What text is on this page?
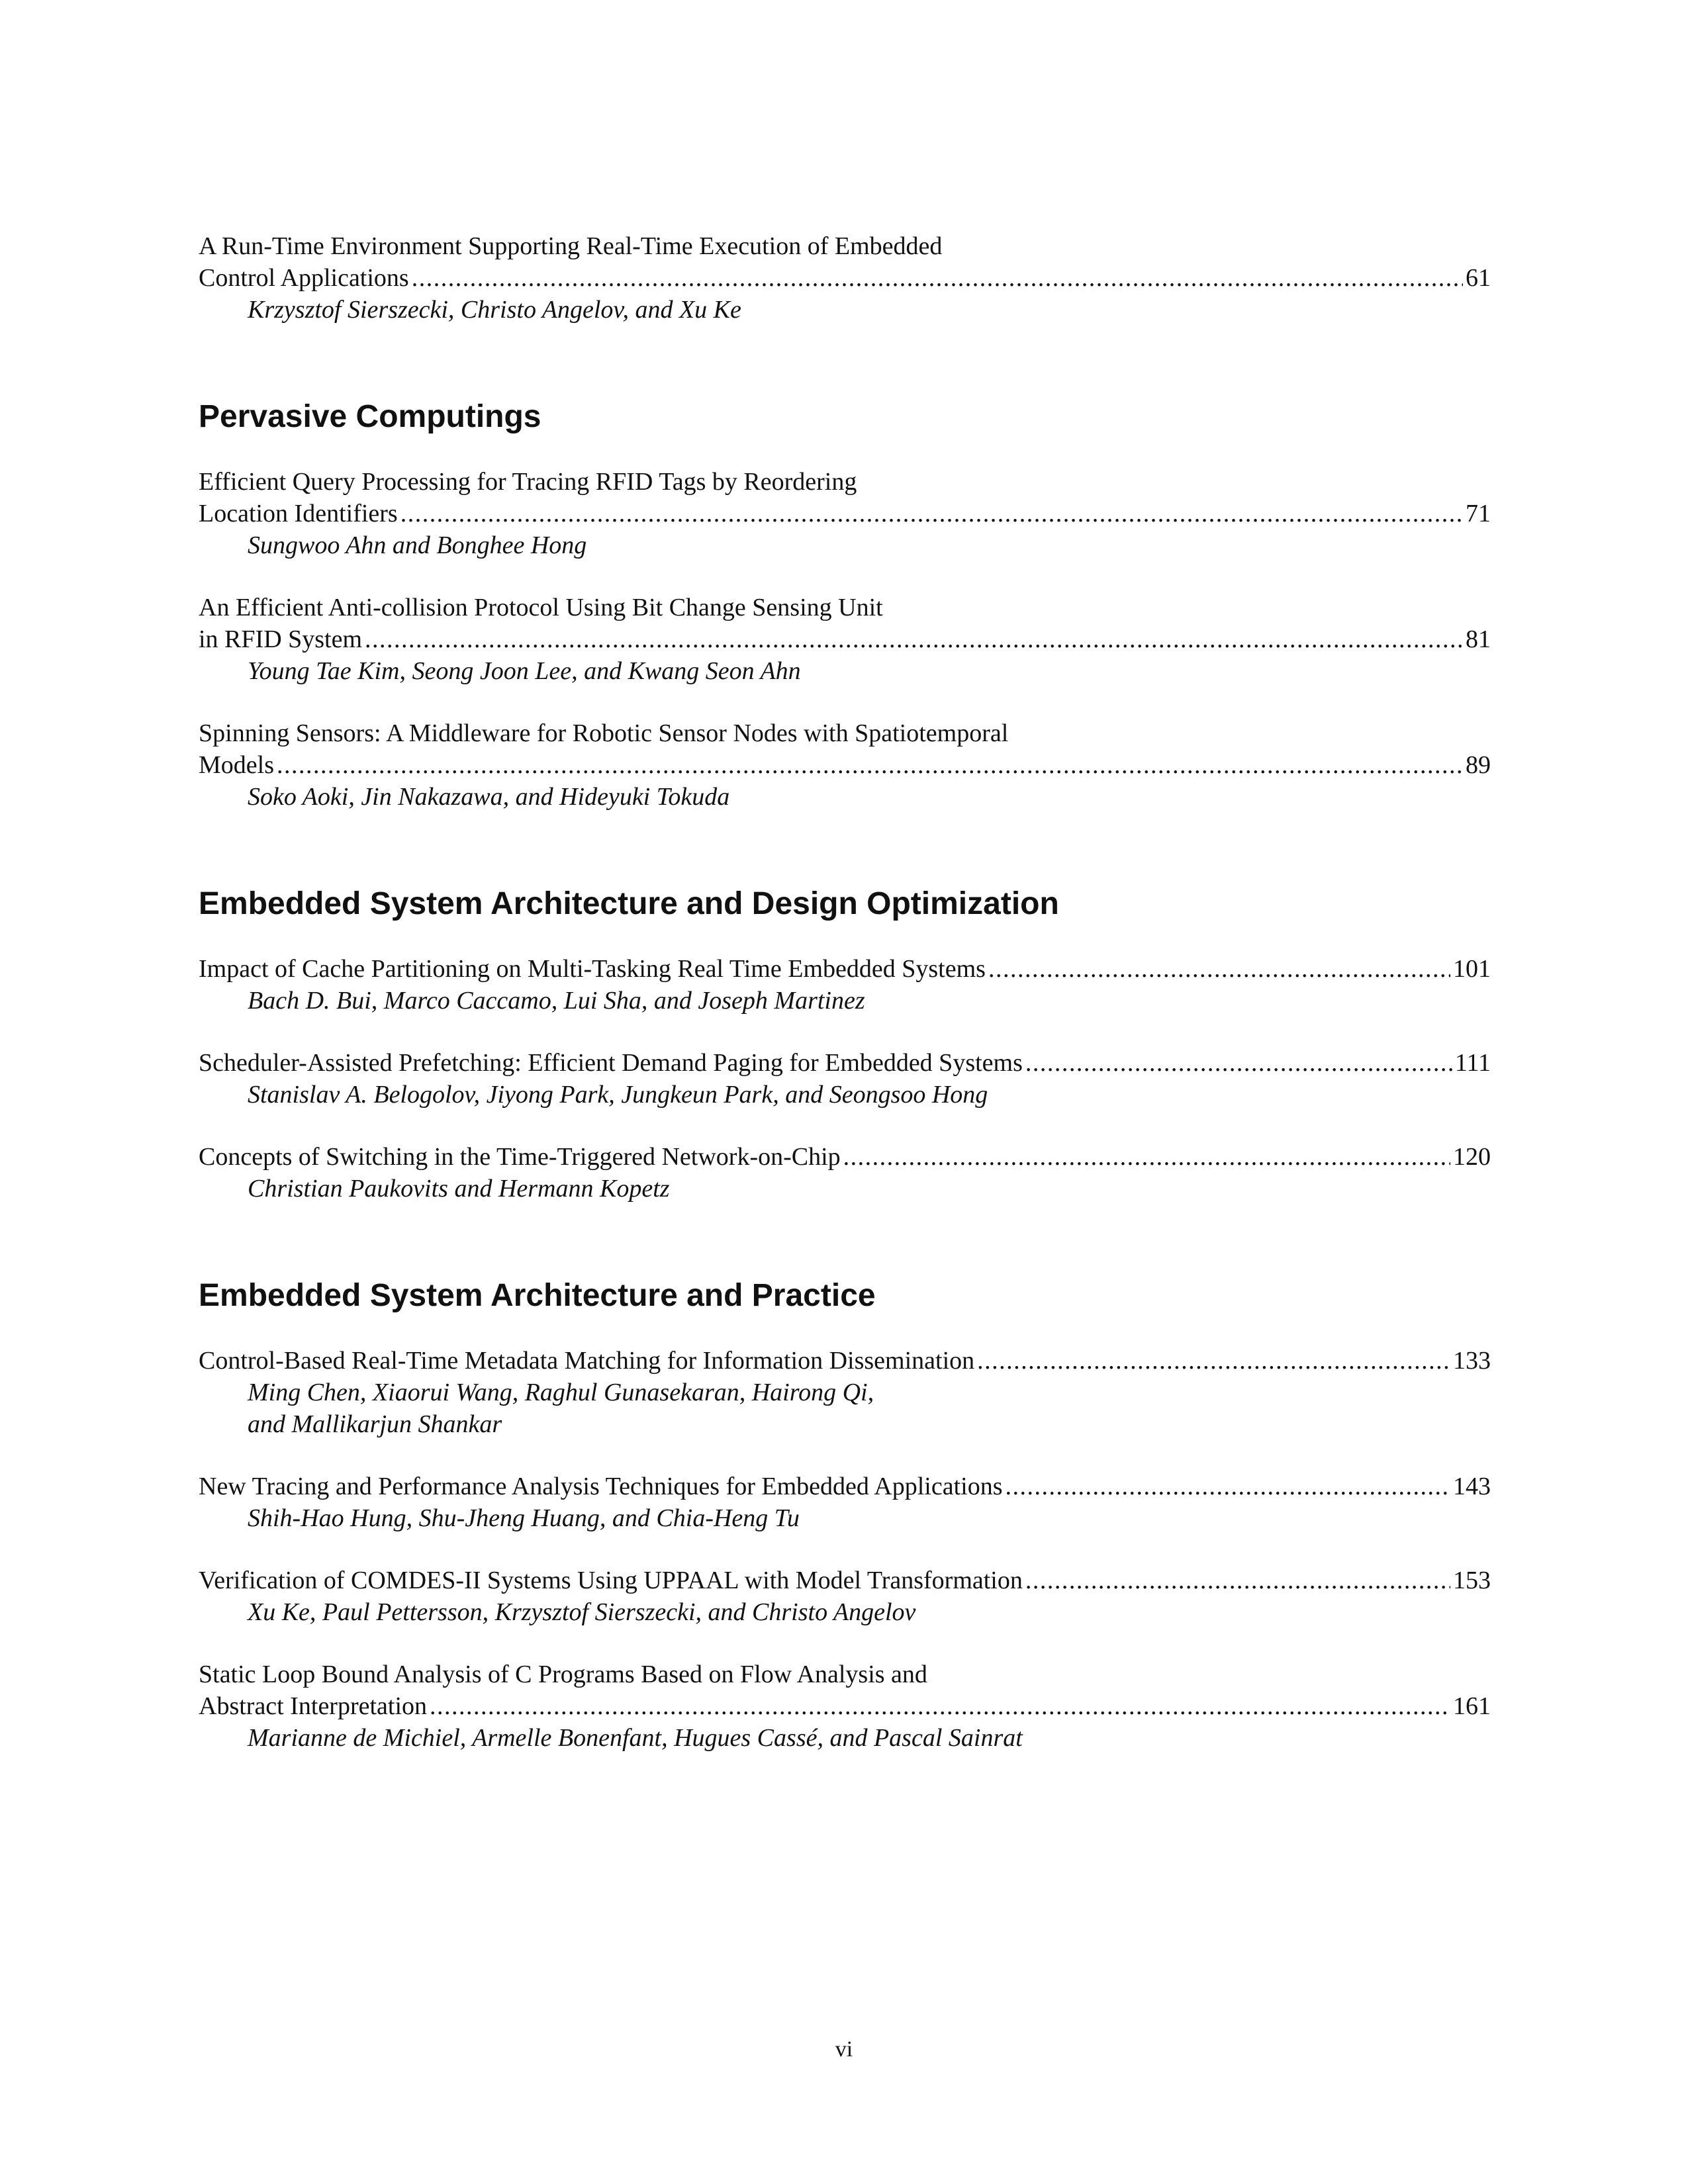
A Run-Time Environment Supporting Real-Time Execution of Embedded
Control Applications . . .	61
Krzysztof Sierszecki, Christo Angelov, and Xu Ke
Pervasive Computings
Efficient Query Processing for Tracing RFID Tags by Reordering
Location Identifiers . . .	71
Sungwoo Ahn and Bonghee Hong
An Efficient Anti-collision Protocol Using Bit Change Sensing Unit
in RFID System . . .	81
Young Tae Kim, Seong Joon Lee, and Kwang Seon Ahn
Spinning Sensors: A Middleware for Robotic Sensor Nodes with Spatiotemporal
Models . . .	89
Soko Aoki, Jin Nakazawa, and Hideyuki Tokuda
Embedded System Architecture and Design Optimization
Impact of Cache Partitioning on Multi-Tasking Real Time Embedded Systems . . .	101
Bach D. Bui, Marco Caccamo, Lui Sha, and Joseph Martinez
Scheduler-Assisted Prefetching: Efficient Demand Paging for Embedded Systems . . .	111
Stanislav A. Belogolov, Jiyong Park, Jungkeun Park, and Seongsoo Hong
Concepts of Switching in the Time-Triggered Network-on-Chip . . .	120
Christian Paukovits and Hermann Kopetz
Embedded System Architecture and Practice
Control-Based Real-Time Metadata Matching for Information Dissemination . . .	133
Ming Chen, Xiaorui Wang, Raghul Gunasekaran, Hairong Qi,
and Mallikarjun Shankar
New Tracing and Performance Analysis Techniques for Embedded Applications . . .	143
Shih-Hao Hung, Shu-Jheng Huang, and Chia-Heng Tu
Verification of COMDES-II Systems Using UPPAAL with Model Transformation . . .	153
Xu Ke, Paul Pettersson, Krzysztof Sierszecki, and Christo Angelov
Static Loop Bound Analysis of C Programs Based on Flow Analysis and
Abstract Interpretation . . .	161
Marianne de Michiel, Armelle Bonenfant, Hugues Cassé, and Pascal Sainrat
vi
